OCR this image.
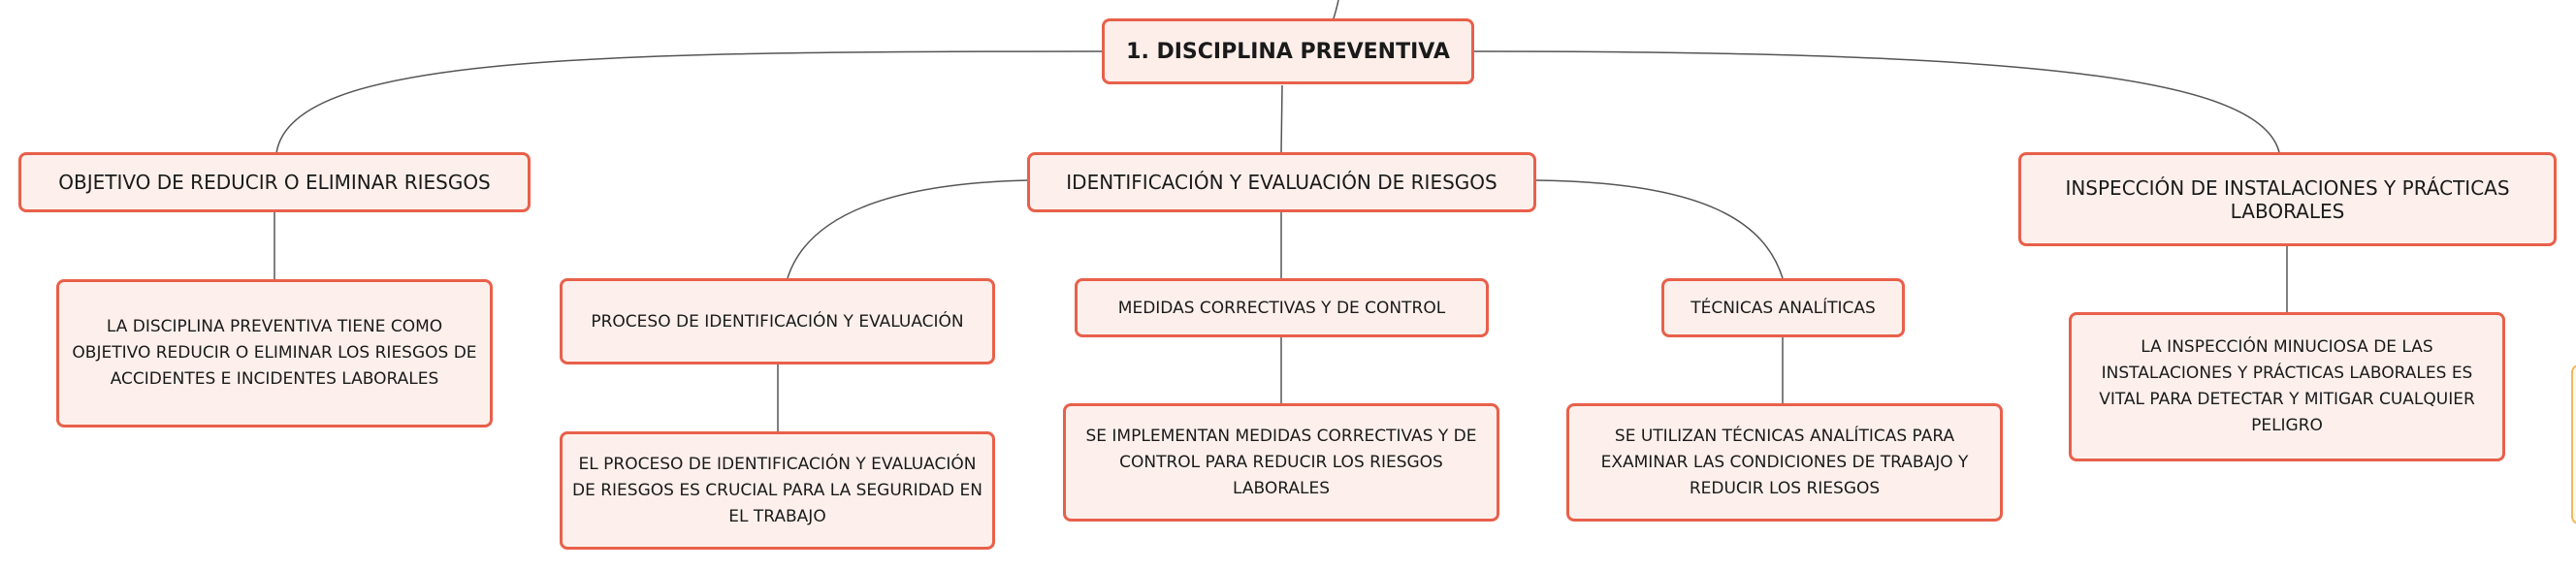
1. DISCIPLINA PREVENTIVA
OBJETIVO DE REDUCIR O ELIMINAR RIESGOS	IDENTIFICACIÓN Y EVALUACIÓN DE RIESGOS	INSPECCIÓN DE INSTALACIONES Y PRÁCTICAS LABORALES
LA DISCIPLINA PREVENTIVA TIENE COMO OBJETIVO REDUCIR O ELIMINAR LOS RIESGOS DE ACCIDENTES E INCIDENTES LABORALES
PROCESO DE IDENTIFICACIÓN Y EVALUACIÓN
MEDIDAS CORRECTIVAS Y DE CONTROL	TÉCNICAS ANALÍTICAS
EL PROCESO DE IDENTIFICACIÓN Y EVALUACIÓN DE RIESGOS ES CRUCIAL PARA LA SEGURIDAD EN EL TRABAJO
SE IMPLEMENTAN MEDIDAS CORRECTIVAS Y DE CONTROL PARA REDUCIR LOS RIESGOS LABORALES
SE UTILIZAN TÉCNICAS ANALÍTICAS PARA EXAMINAR LAS CONDICIONES DE TRABAJO Y REDUCIR LOS RIESGOS
LA INSPECCIÓN MINUCIOSA DE LAS INSTALACIONES Y PRÁCTICAS LABORALES ES VITAL PARA DETECTAR Y MITIGAR CUALQUIER PELIGRO
